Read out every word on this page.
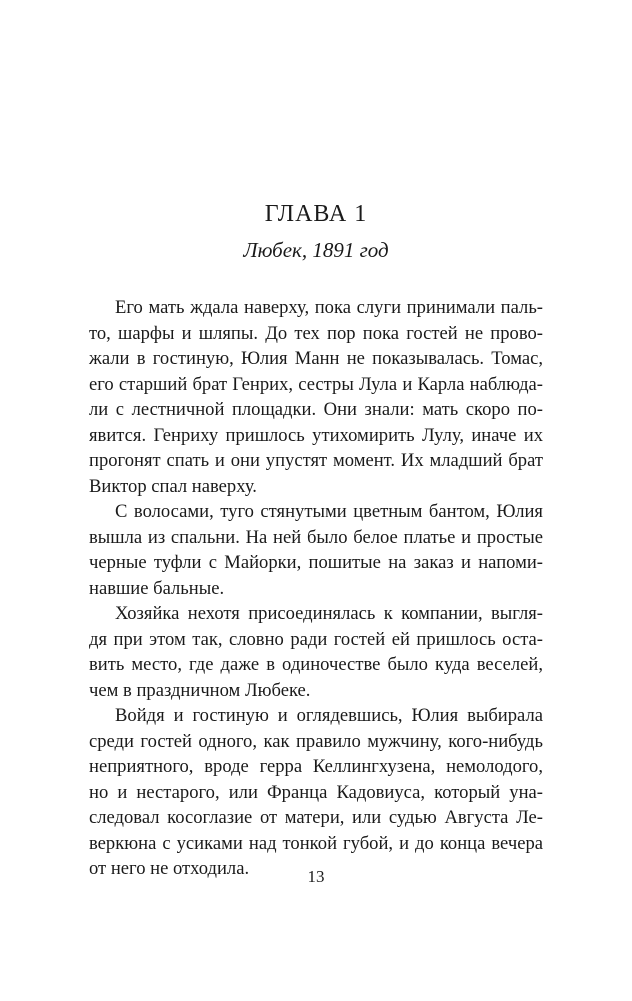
ГЛАВА 1
Любек, 1891 год
Его мать ждала наверху, пока слуги принимали паль-
то, шарфы и шляпы. До тех пор пока гостей не прово-
жали в гостиную, Юлия Манн не показывалась. Томас,
его старший брат Генрих, сестры Лула и Карла наблюда-
ли с лестничной площадки. Они знали: мать скоро по-
явится. Генриху пришлось утихомирить Лулу, иначе их
прогонят спать и они упустят момент. Их младший брат
Виктор спал наверху.
С волосами, туго стянутыми цветным бантом, Юлия
вышла из спальни. На ней было белое платье и простые
черные туфли с Майорки, пошитые на заказ и напоми-
навшие бальные.
Хозяйка нехотя присоединялась к компании, выгля-
дя при этом так, словно ради гостей ей пришлось оста-
вить место, где даже в одиночестве было куда веселей,
чем в праздничном Любеке.
Войдя и гостиную и оглядевшись, Юлия выбирала
среди гостей одного, как правило мужчину, кого-нибудь
неприятного, вроде герра Келлингхузена, немолодого,
но и нестарого, или Франца Кадовиуса, который уна-
следовал косоглазие от матери, или судью Августа Ле-
веркюна с усиками над тонкой губой, и до конца вечера
от него не отходила.	13
